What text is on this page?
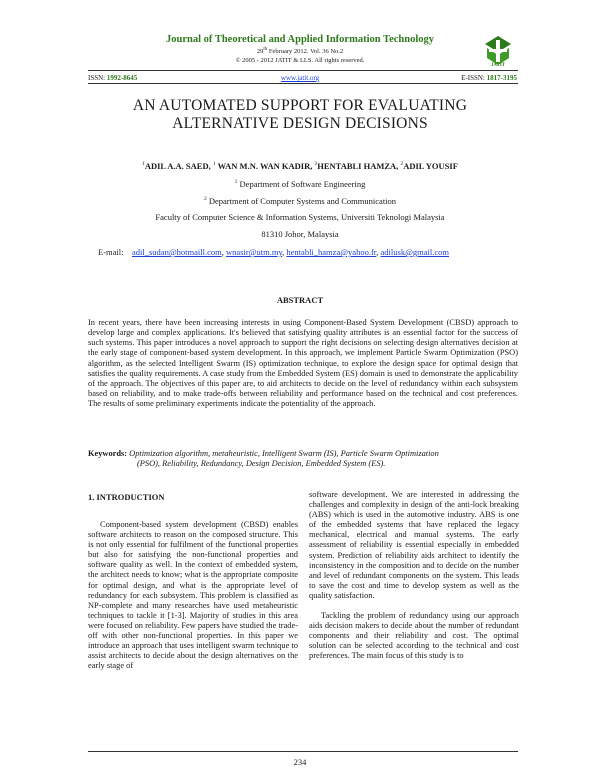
Journal of Theoretical and Applied Information Technology
29th February 2012. Vol. 36 No.2
© 2005 - 2012 JATIT & LLS. All rights reserved.
JATIT
ISSN: 1992-8645	www.jatit.org	E-ISSN: 1817-3195
AN AUTOMATED SUPPORT FOR EVALUATING
ALTERNATIVE DESIGN DECISIONS
$^1$ADIL A.A. SAED, $^1$ WAN M.N. WAN KADIR, $^2$HENTABLI HAMZA, $^2$ADIL YOUSIF
$^1$ Department of Software Engineering
$^2$ Department of Computer Systems and Communication
Faculty of Computer Science & Information Systems, Universiti Teknologi Malaysia
81310 Johor, Malaysia
E-mail: adil_sudan@hotmaill.com, wnasir@utm.my, hentabli_hamza@yahoo.fr, adilusk@gmail.com
ABSTRACT
In recent years, there have been increasing interests in using Component-Based System Development (CBSD) approach to develop large and complex applications. It's believed that satisfying quality attributes is an essential factor for the success of such systems. This paper introduces a novel approach to support the right decisions on selecting design alternatives decision at the early stage of component-based system development. In this approach, we implement Particle Swarm Optimization (PSO) algorithm, as the selected Intelligent Swarm (IS) optimization technique, to explore the design space for optimal design that satisfies the quality requirements. A case study from the Embedded System (ES) domain is used to demonstrate the applicability of the approach. The objectives of this paper are, to aid architects to decide on the level of redundancy within each subsystem based on reliability, and to make trade-offs between reliability and performance based on the technical and cost preferences. The results of some preliminary experiments indicate the potentiality of the approach.
Keywords: Optimization algorithm, metaheuristic, Intelligent Swarm (IS), Particle Swarm Optimization
(PSO), Reliability, Redundancy, Design Decision, Embedded System (ES).
1. INTRODUCTION

Component-based system development (CBSD) enables software architects to reason on the composed structure. This is not only essential for fulfilment of the functional properties but also for satisfying the non-functional properties and software quality as well. In the context of embedded system, the architect needs to know; what is the appropriate composite for optimal design, and what is the appropriate level of redundancy for each subsystem. This problem is classified as NP-complete and many researches have used metaheuristic techniques to tackle it [1-3]. Majority of studies in this area were focused on reliability. Few papers have studied the trade-off with other non-functional properties. In this paper we introduce an approach that uses intelligent swarm technique to assist architects to decide about the design alternatives on the early stage of

software development. We are interested in addressing the challenges and complexity in design of the anti-lock breaking (ABS) which is used in the automotive industry. ABS is one of the embedded systems that have replaced the legacy mechanical, electrical and manual systems. The early assessment of reliability is essential especially in embedded system. Prediction of reliability aids architect to identify the inconsistency in the composition and to decide on the number and level of redundant components on the system. This leads to save the cost and time to develop system as well as the quality satisfaction.

Tackling the problem of redundancy using our approach aids decision makers to decide about the number of redundant components and their reliability and cost. The optimal solution can be selected according to the technical and cost preferences. The main focus of this study is to

234
